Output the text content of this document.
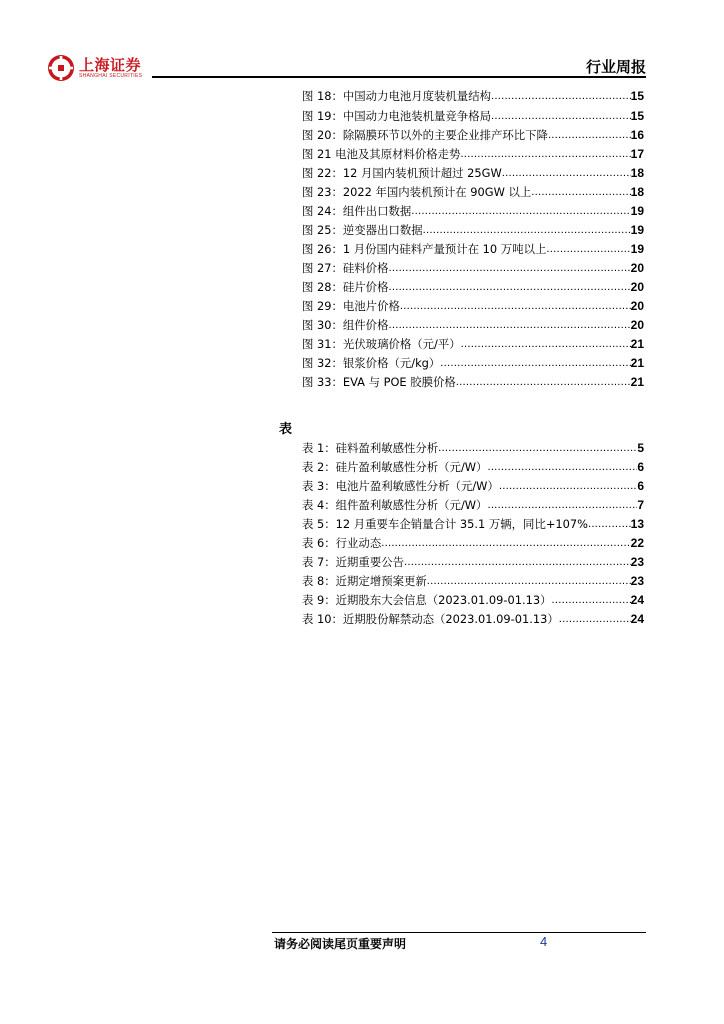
上海证券
SHANGHAI SECURITIES	行业周报
图 18：中国动力电池月度装机量结构 .....	15
图 19：中国动力电池装机量竞争格局 .....	15
图 20：除隔膜环节以外的主要企业排产环比下降 .....	16
图 21 电池及其原材料价格走势 .....	17
图 22：12 月国内装机预计超过 25GW .....	18
图 23：2022 年国内装机预计在 90GW 以上 .....	18
图 24：组件出口数据 .....	19
图 25：逆变器出口数据 .....	19
图 26：1 月份国内硅料产量预计在 10 万吨以上 .....	19
图 27：硅料价格 .....	20
图 28：硅片价格 .....	20
图 29：电池片价格 .....	20
图 30：组件价格 .....	20
图 31：光伏玻璃价格（元/平） .....	21
图 32：银浆价格（元/kg） .....	21
图 33：EVA 与 POE 胶膜价格 .....	21
表
表 1：硅料盈利敏感性分析 .....	5
表 2：硅片盈利敏感性分析（元/W） .....	6
表 3：电池片盈利敏感性分析（元/W） .....	6
表 4：组件盈利敏感性分析（元/W） .....	7
表 5：12 月重要车企销量合计 35.1 万辆，同比+107% .....	13
表 6：行业动态 .....	22
表 7：近期重要公告 .....	23
表 8：近期定增预案更新 .....	23
表 9：近期股东大会信息（2023.01.09-01.13） .....	24
表 10：近期股份解禁动态（2023.01.09-01.13） .....	24
请务必阅读尾页重要声明	4
